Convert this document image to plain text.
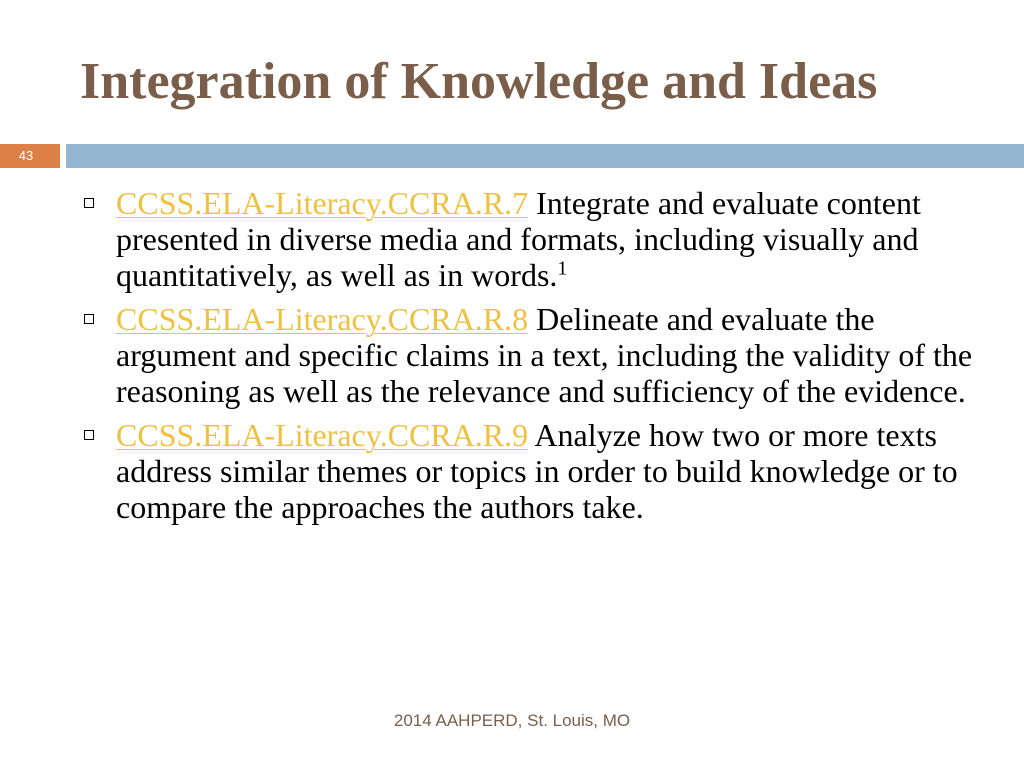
Integration of Knowledge and Ideas
43
CCSS.ELA-Literacy.CCRA.R.7 Integrate and evaluate content presented in diverse media and formats, including visually and quantitatively, as well as in words.$^1$
CCSS.ELA-Literacy.CCRA.R.8 Delineate and evaluate the argument and specific claims in a text, including the validity of the reasoning as well as the relevance and sufficiency of the evidence.
CCSS.ELA-Literacy.CCRA.R.9 Analyze how two or more texts address similar themes or topics in order to build knowledge or to compare the approaches the authors take.
2014 AAHPERD, St. Louis, MO
